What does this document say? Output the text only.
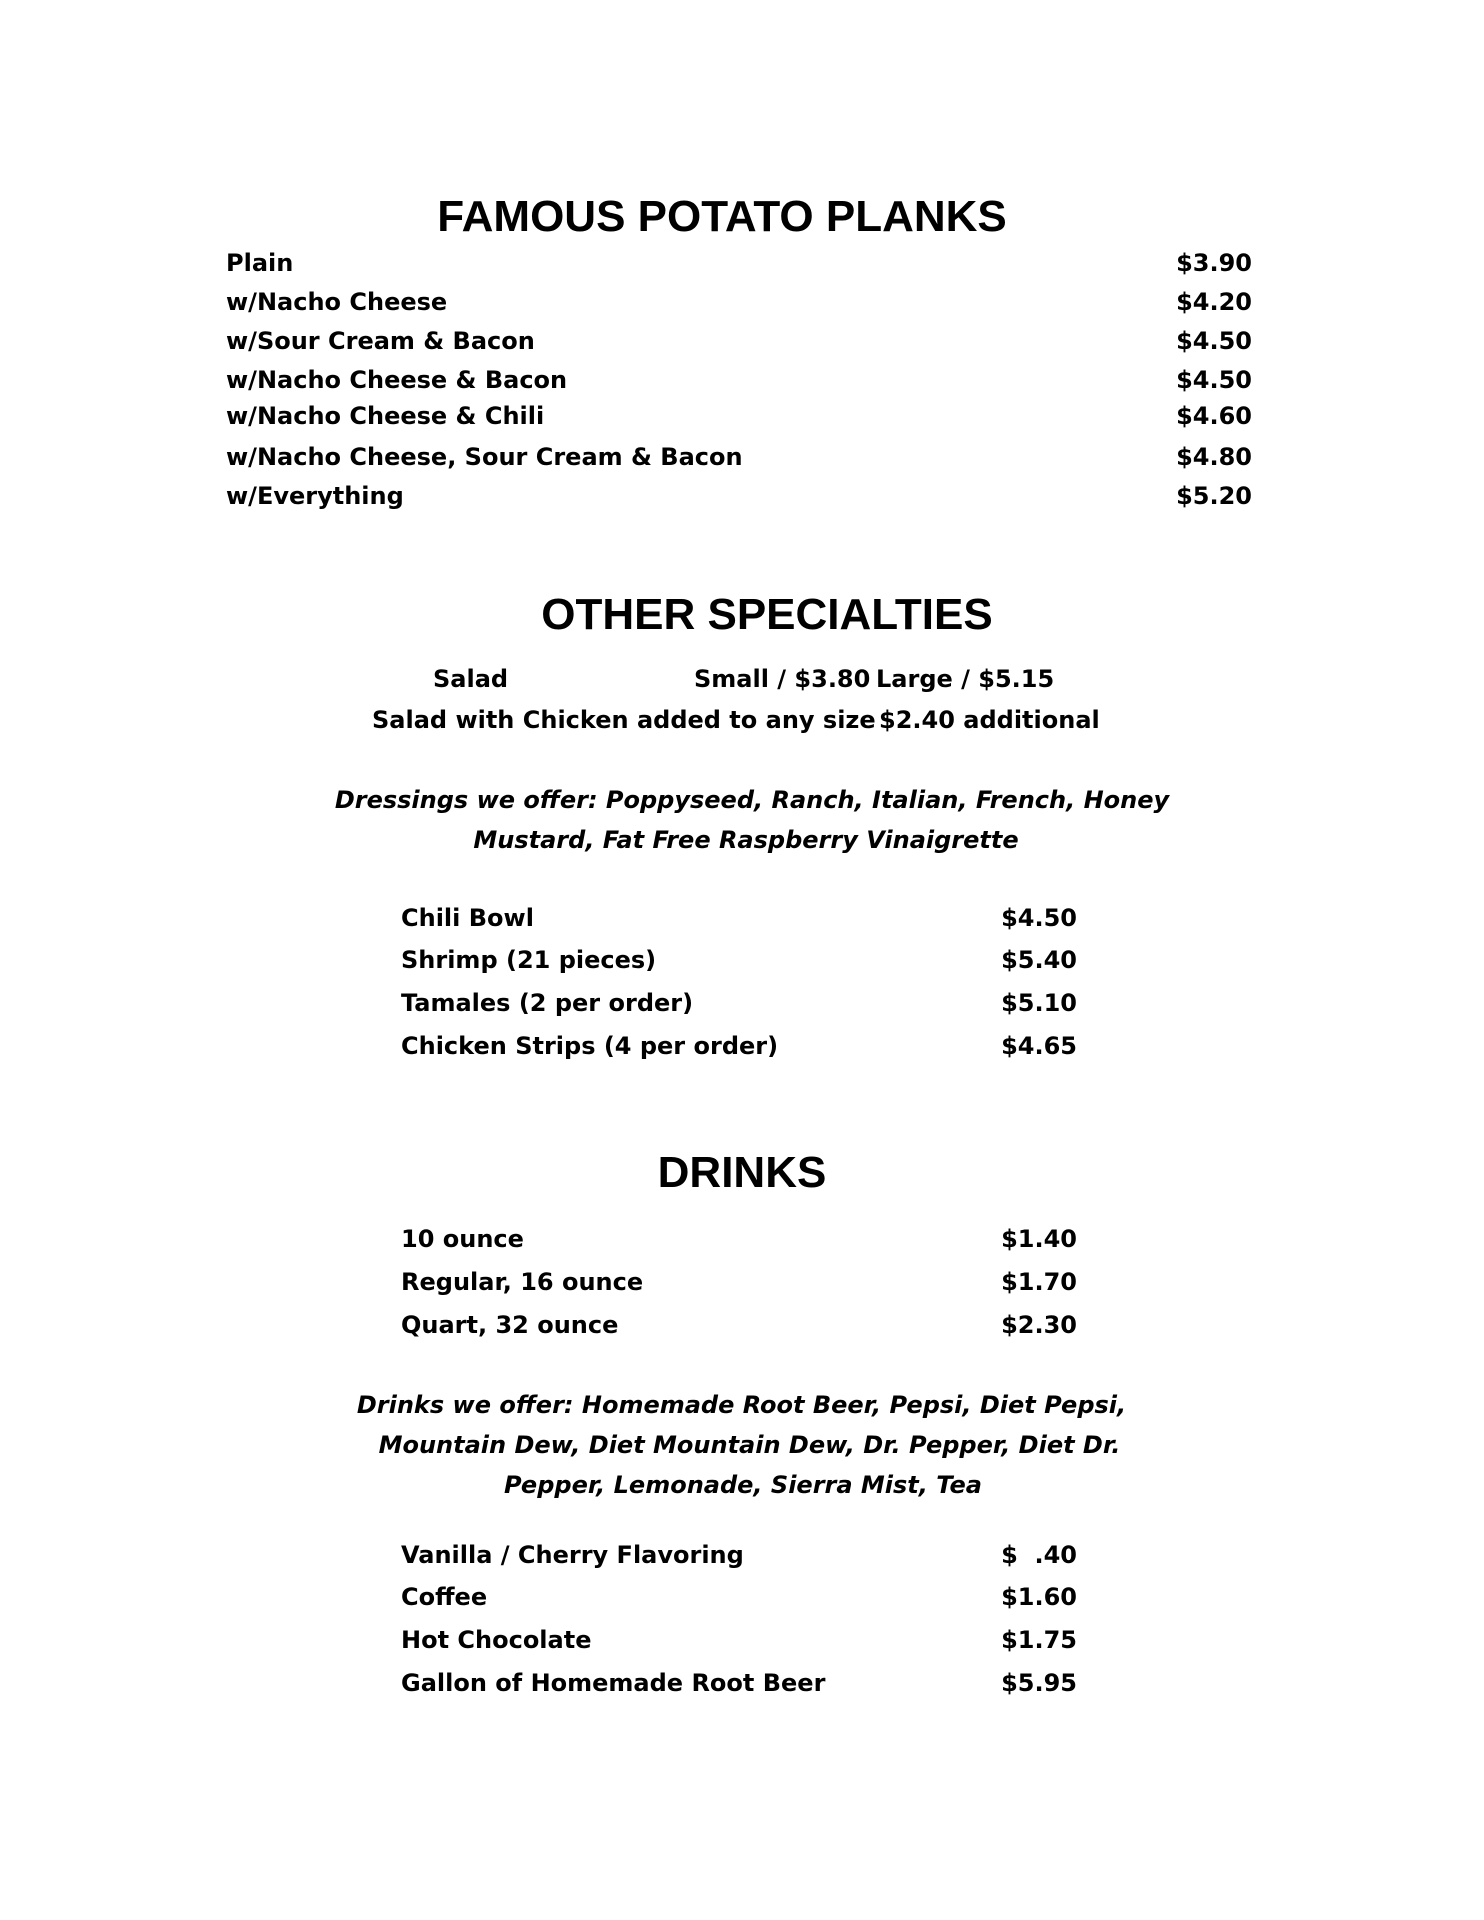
FAMOUS POTATO PLANKS
Plain	$3.90
w/Nacho Cheese	$4.20
w/Sour Cream & Bacon	$4.50
w/Nacho Cheese & Bacon	$4.50
w/Nacho Cheese & Chili	$4.60
w/Nacho Cheese, Sour Cream & Bacon	$4.80
w/Everything	$5.20
OTHER SPECIALTIES
Salad	Small / $3.80 Large / $5.15
Salad with Chicken added to any size $2.40 additional

Dressings we offer: Poppyseed, Ranch, Italian, French, Honey

Mustard, Fat Free Raspberry Vinaigrette

Chili Bowl	$4.50
Shrimp (21 pieces)	$5.40
Tamales (2 per order)	$5.10
Chicken Strips (4 per order)	$4.65
DRINKS
10 ounce	$1.40
Regular, 16 ounce	$1.70
Quart, 32 ounce	$2.30

Drinks we offer: Homemade Root Beer, Pepsi, Diet Pepsi,

Mountain Dew, Diet Mountain Dew, Dr. Pepper, Diet Dr.

Pepper, Lemonade, Sierra Mist, Tea

Vanilla / Cherry Flavoring	$  .40
Coffee	$1.60
Hot Chocolate	$1.75
Gallon of Homemade Root Beer	$5.95
